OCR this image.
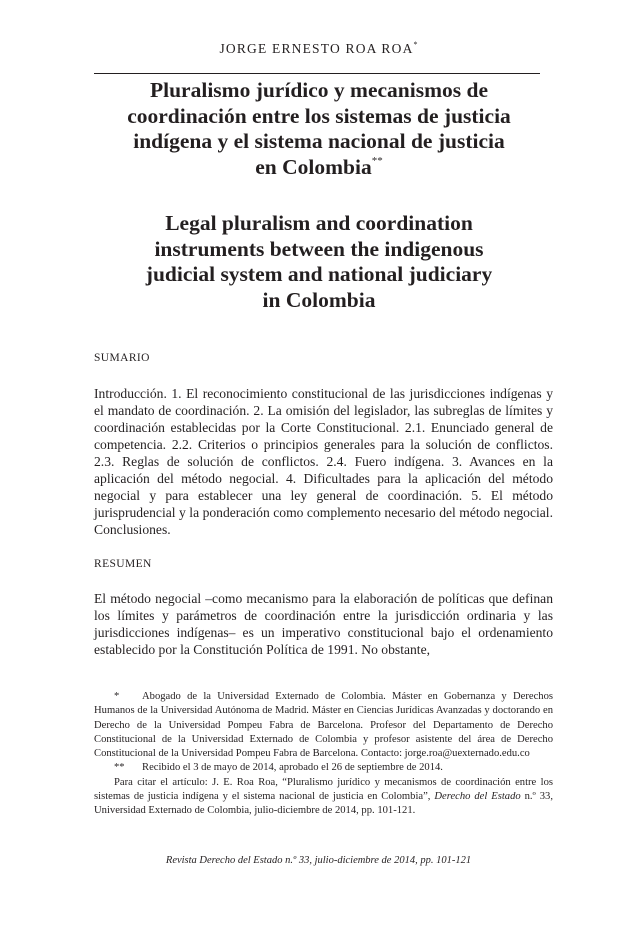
JORGE ERNESTO ROA ROA*
Pluralismo jurídico y mecanismos de
coordinación entre los sistemas de justicia
indígena y el sistema nacional de justicia
en Colombia**
Legal pluralism and coordination
instruments between the indigenous
judicial system and national judiciary
in Colombia
SUMARIO

Introducción. 1. El reconocimiento constitucional de las jurisdicciones indígenas y el mandato de coordinación. 2. La omisión del legislador, las subreglas de límites y coordinación establecidas por la Corte Constitucional. 2.1. Enunciado general de competencia. 2.2. Criterios o principios generales para la solución de conflictos. 2.3. Reglas de solución de conflictos. 2.4. Fuero indígena. 3. Avances en la aplicación del método negocial. 4. Dificultades para la aplicación del método negocial y para establecer una ley general de coordinación. 5. El método jurisprudencial y la ponderación como complemento necesario del método negocial. Conclusiones.

RESUMEN

El método negocial –como mecanismo para la elaboración de políticas que definan los límites y parámetros de coordinación entre la jurisdicción ordinaria y las jurisdicciones indígenas– es un imperativo constitucional bajo el ordenamiento establecido por la Constitución Política de 1991. No obstante,

* Abogado de la Universidad Externado de Colombia. Máster en Gobernanza y Derechos Humanos de la Universidad Autónoma de Madrid. Máster en Ciencias Jurídicas Avanzadas y doctorando en Derecho de la Universidad Pompeu Fabra de Barcelona. Profesor del Departamento de Derecho Constitucional de la Universidad Externado de Colombia y profesor asistente del área de Derecho Constitucional de la Universidad Pompeu Fabra de Barcelona. Contacto: jorge.roa@uexternado.edu.co

** Recibido el 3 de mayo de 2014, aprobado el 26 de septiembre de 2014.

Para citar el artículo: J. E. Roa Roa, “Pluralismo jurídico y mecanismos de coordinación entre los sistemas de justicia indígena y el sistema nacional de justicia en Colombia”, Derecho del Estado n.º 33, Universidad Externado de Colombia, julio-diciembre de 2014, pp. 101-121.

Revista Derecho del Estado n.º 33, julio-diciembre de 2014, pp. 101-121
